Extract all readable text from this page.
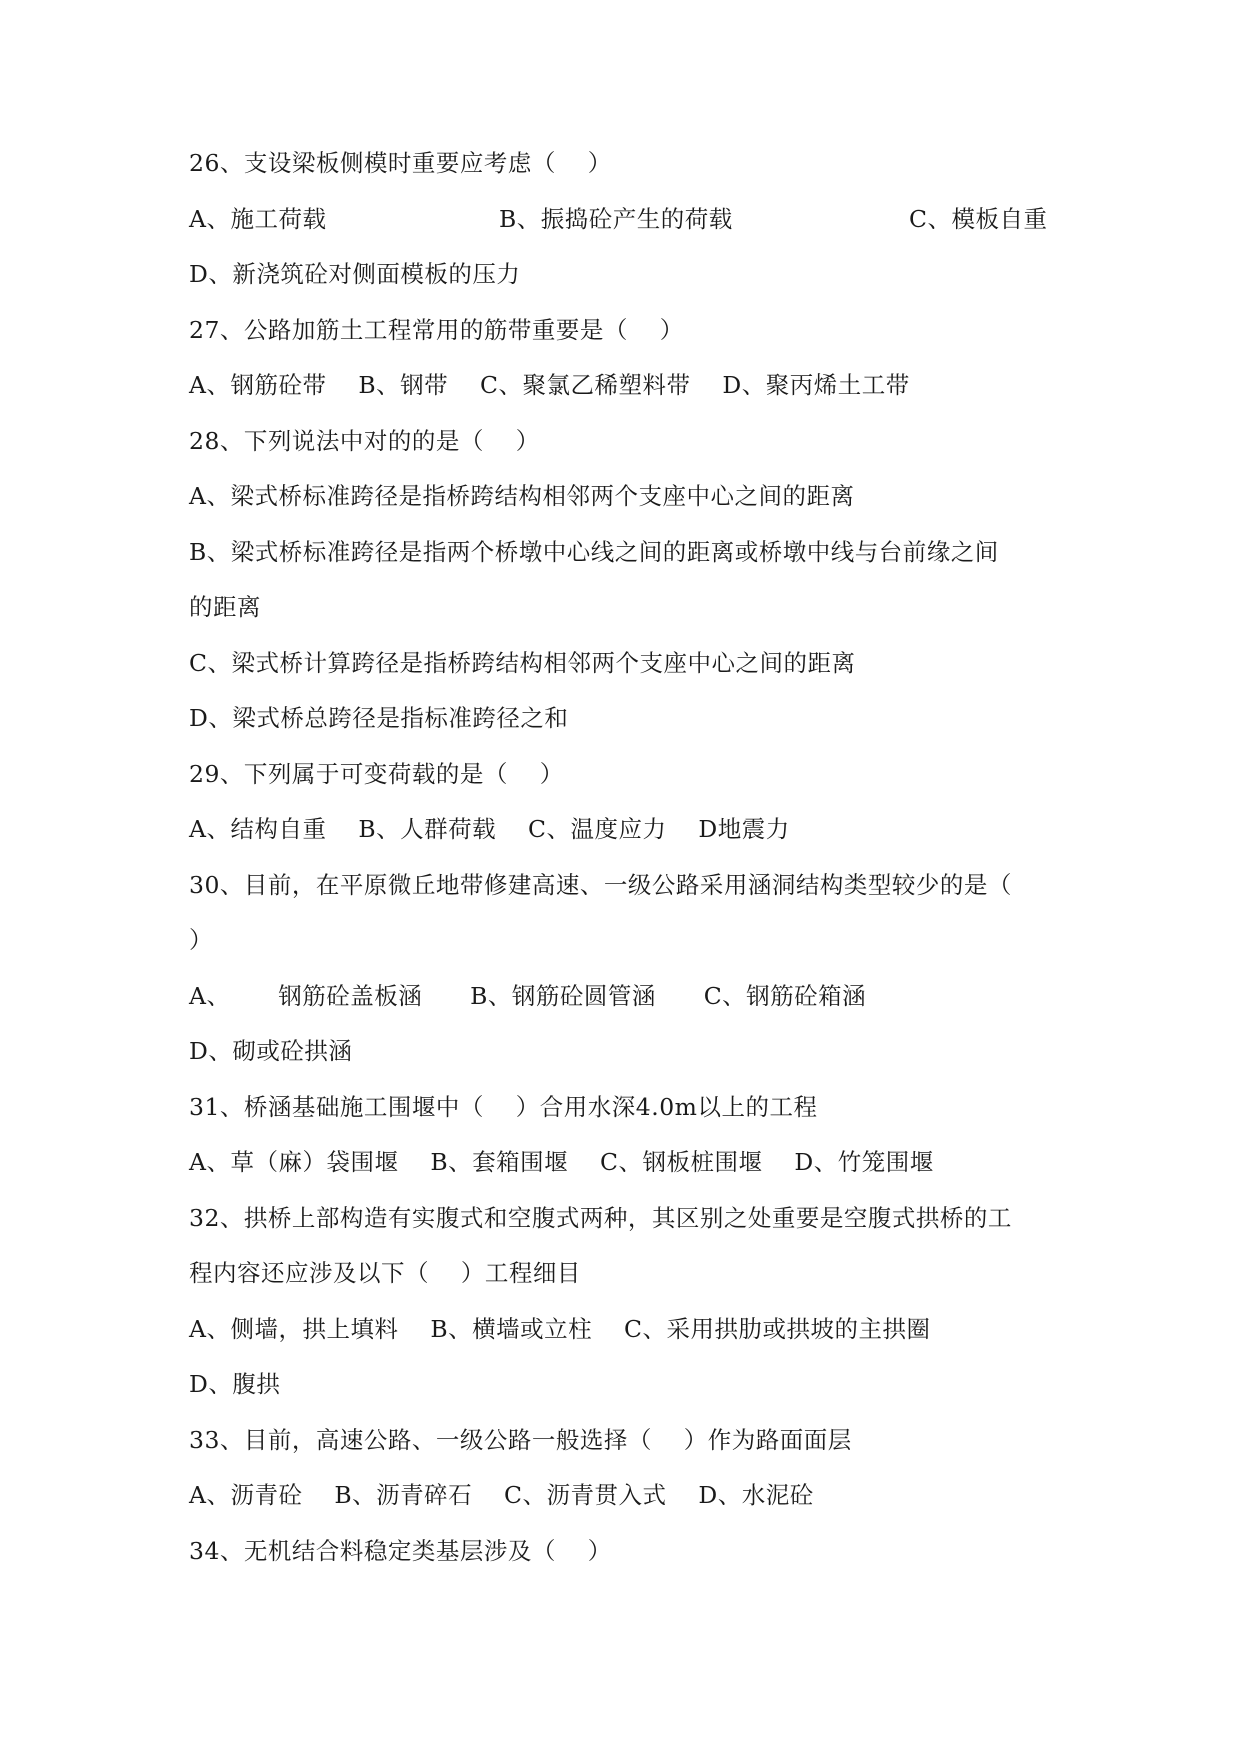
26、支设梁板侧模时重要应考虑（    ）
A、施工荷载	B、振捣砼产生的荷载	C、模板自重
D、新浇筑砼对侧面模板的压力
27、公路加筋土工程常用的筋带重要是（    ）
A、钢筋砼带    B、钢带    C、聚氯乙稀塑料带    D、聚丙烯土工带
28、下列说法中对的的是（    ）
A、梁式桥标准跨径是指桥跨结构相邻两个支座中心之间的距离
B、梁式桥标准跨径是指两个桥墩中心线之间的距离或桥墩中线与台前缘之间
的距离
C、梁式桥计算跨径是指桥跨结构相邻两个支座中心之间的距离
D、梁式桥总跨径是指标准跨径之和
29、下列属于可变荷载的是（    ）
A、结构自重    B、人群荷载    C、温度应力    D地震力
30、目前，在平原微丘地带修建高速、一级公路采用涵洞结构类型较少的是（
）
A、      钢筋砼盖板涵      B、钢筋砼圆管涵      C、钢筋砼箱涵
D、砌或砼拱涵
31、桥涵基础施工围堰中（    ）合用水深4.0m以上的工程
A、草（麻）袋围堰    B、套箱围堰    C、钢板桩围堰    D、竹笼围堰
32、拱桥上部构造有实腹式和空腹式两种，其区别之处重要是空腹式拱桥的工
程内容还应涉及以下（    ）工程细目
A、侧墙，拱上填料    B、横墙或立柱    C、采用拱肋或拱坡的主拱圈
D、腹拱
33、目前，高速公路、一级公路一般选择（    ）作为路面面层
A、沥青砼    B、沥青碎石    C、沥青贯入式    D、水泥砼
34、无机结合料稳定类基层涉及（    ）
